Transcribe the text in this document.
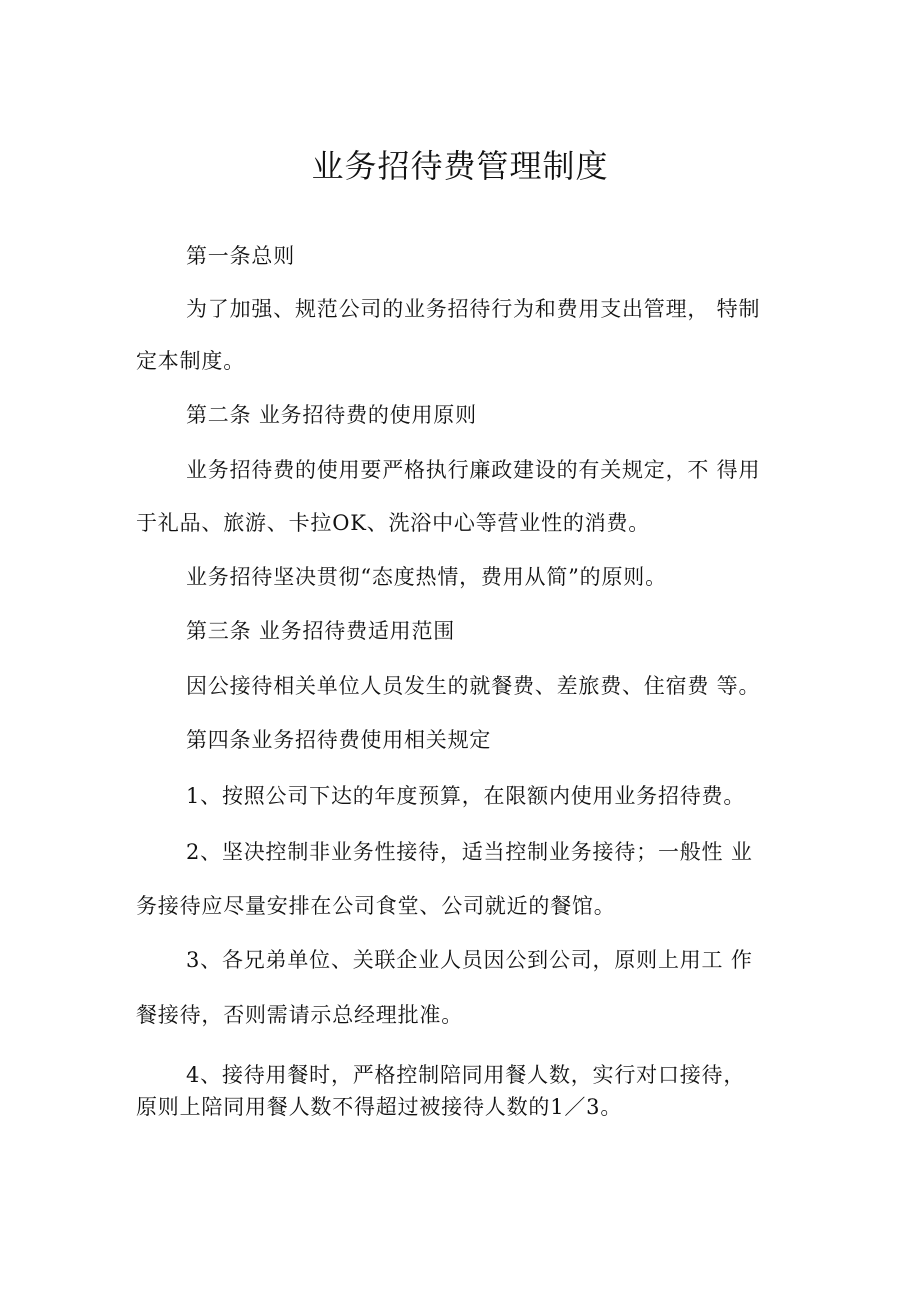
业务招待费管理制度
第一条总则
为了加强、规范公司的业务招待行为和费用支出管理， 特制
定本制度。
第二条 业务招待费的使用原则
业务招待费的使用要严格执行廉政建设的有关规定，不 得用
于礼品、旅游、卡拉OK、洗浴中心等营业性的消费。
业务招待坚决贯彻“态度热情，费用从简”的原则。
第三条 业务招待费适用范围
因公接待相关单位人员发生的就餐费、差旅费、住宿费 等。
第四条业务招待费使用相关规定
1、按照公司下达的年度预算，在限额内使用业务招待费。
2、坚决控制非业务性接待，适当控制业务接待；一般性 业
务接待应尽量安排在公司食堂、公司就近的餐馆。
3、各兄弟单位、关联企业人员因公到公司，原则上用工 作
餐接待，否则需请示总经理批准。
4、接待用餐时，严格控制陪同用餐人数，实行对口接待，
原则上陪同用餐人数不得超过被接待人数的1／3。
